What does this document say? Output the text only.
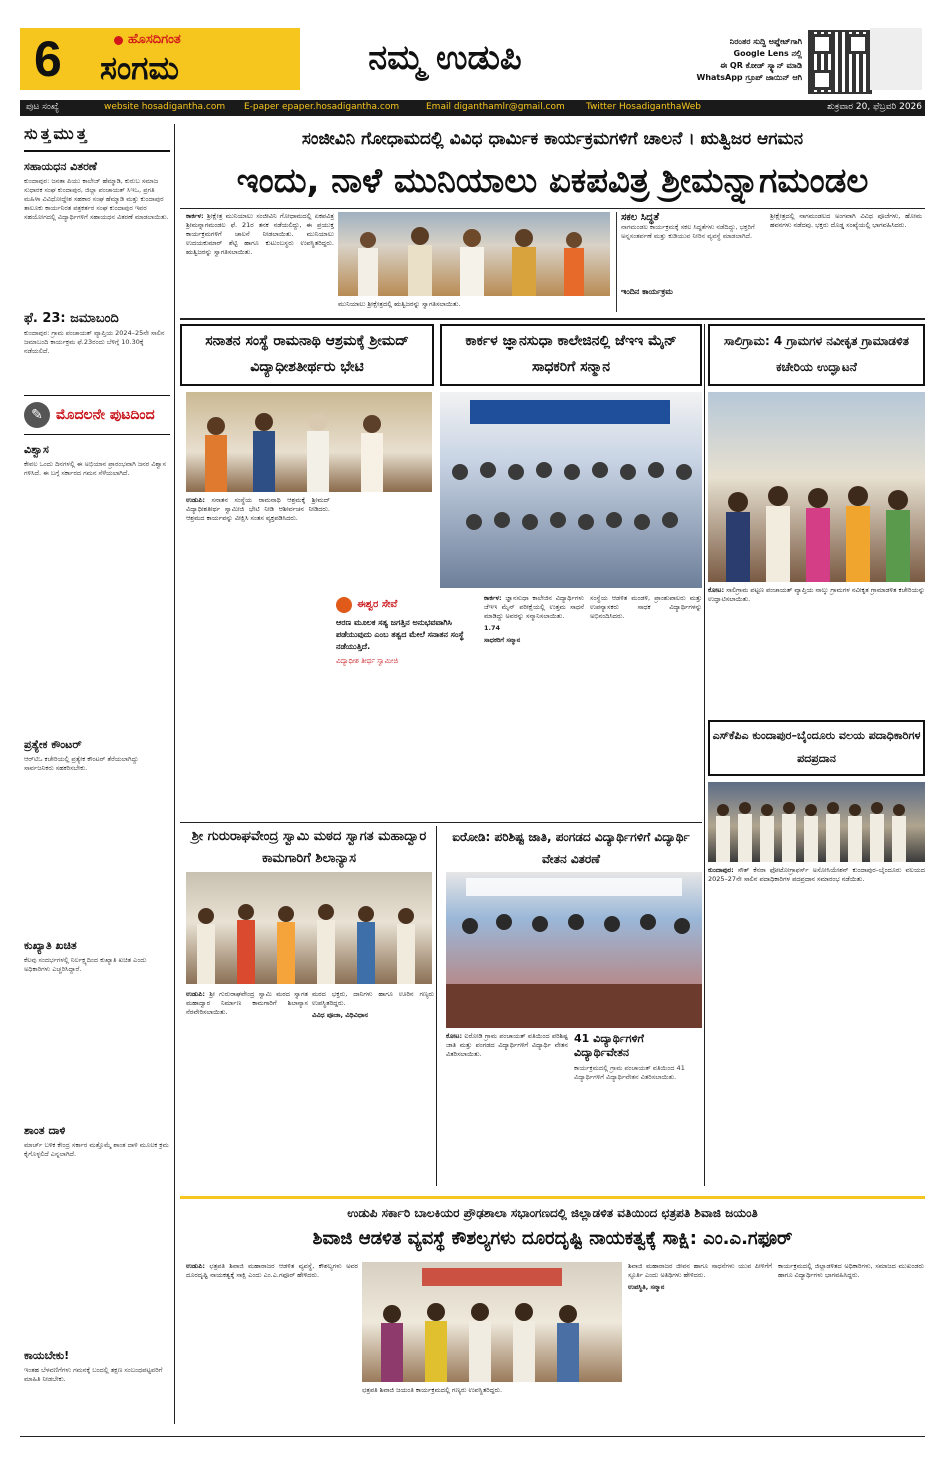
6	ಹೊಸದಿಗಂತ
ಸಂಗಮ	ನಮ್ಮ ಉಡುಪಿ	ನಿರಂತರ ಸುದ್ದಿ ಅಪ್ಡೇಟ್‌ಗಾಗಿ
Google Lens ನಲ್ಲಿ
ಈ QR ಕೋಡ್ ಸ್ಕ್ಯಾನ್ ಮಾಡಿ
WhatsApp ಗ್ರೂಪ್ ಜಾಯಿನ್ ಆಗಿ
ಪುಟ ಸಂಖ್ಯೆ	website hosadigantha.com E-paper epaper.hosadigantha.com	Email diganthamlr@gmail.com Twitter HosadiganthaWeb	ಶುಕ್ರವಾರ 20, ಫೆಬ್ರವರಿ 2026
ಸುತ್ತಮುತ್ತ
ಸಹಾಯಧನ ವಿತರಣೆ
ಕುಂದಾಪುರ: ಜನತಾ ಪಿಯು ಕಾಲೇಜ್ ಹೆಮ್ಮಾಡಿ, ಕುರುಬ ಸಮಾಜ ಸುಧಾರಕ ಸಂಘ ಕುಂದಾಪುರ, ಜಿಲ್ಲಾ ಪಂಚಾಯತ್ ಸಿಇಒ, ಪ್ರಗತಿ ಮಹಿಳಾ ವಿವಿಧೋದ್ದೇಶ ಸಹಕಾರ ಸಂಘ ಹೆಮ್ಮಾಡಿ ಮತ್ತು ಕುಂದಾಪುರ ತಾಲೂಕು ಕಾರ್ಯನಿರತ ಪತ್ರಕರ್ತರ ಸಂಘ ಕುಂದಾಪುರ ಇವರ ಸಹಯೋಗದಲ್ಲಿ ವಿದ್ಯಾರ್ಥಿಗಳಿಗೆ ಸಹಾಯಧನ ವಿತರಣೆ ಮಾಡಲಾಯಿತು.
ಫೆ. 23: ಜಮಾಬಂದಿ
ಕುಂದಾಪುರ: ಗ್ರಾಮ ಪಂಚಾಯತ್ ವ್ಯಾಪ್ತಿಯ 2024–25ನೇ ಸಾಲಿನ ಜಮಾಬಂದಿ ಕಾರ್ಯಕ್ರಮ ಫೆ.23ರಂದು ಬೆಳಿಗ್ಗೆ 10.30ಕ್ಕೆ ನಡೆಯಲಿದೆ.
✎ ಮೊದಲನೇ ಪುಟದಿಂದ
ವಿಶ್ವಾಸ
ಕೇವಲ ಒಂದು ದಿನಗಳಲ್ಲಿ ಈ ಅಭಿಯಾನ ಪ್ರಾರಂಭವಾಗಿ ಜನರ ವಿಶ್ವಾಸ ಗಳಿಸಿದೆ. ಈ ಬಗ್ಗೆ ಸರ್ಕಾರದ ಗಮನ ಸೆಳೆಯಲಾಗಿದೆ.
ಪ್ರತ್ಯೇಕ ಕೌಂಟರ್
ಆರ್‌ಟಿಒ ಕಚೇರಿಯಲ್ಲಿ ಪ್ರತ್ಯೇಕ ಕೌಂಟರ್ ತೆರೆಯಲಾಗಿದ್ದು ಸಾರ್ವಜನಿಕರು ಸಹಕರಿಸಬೇಕು.
ಕುಖ್ಯಾತಿ ಖಚಿತ
ಕೆಲವು ಸಂದರ್ಭಗಳಲ್ಲಿ ನಿರ್ಲಕ್ಷ್ಯದಿಂದ ಕುಖ್ಯಾತಿ ಖಚಿತ ಎಂದು ಅಧಿಕಾರಿಗಳು ಎಚ್ಚರಿಸಿದ್ದಾರೆ.
ಶಾಂತ ದಾಳಿ
ಮಾರ್ಚ್ ಬಳಿಕ ಕೇಂದ್ರ ಸರ್ಕಾರ ಮತ್ತೊಮ್ಮೆ ಶಾಂತ ದಾಳಿ ಮೂಲಕ ಕ್ರಮ ಕೈಗೊಳ್ಳಲಿದೆ ಎನ್ನಲಾಗಿದೆ.
ಕಾಯಬೇಕು!
ಇಂತಹ ಬೆಳವಣಿಗೆಗಳು ಗಮನಕ್ಕೆ ಬಂದಲ್ಲಿ ತಕ್ಷಣ ಸಂಬಂಧಪಟ್ಟವರಿಗೆ ಮಾಹಿತಿ ನೀಡಬೇಕು.
ಸಂಜೀವಿನಿ ಗೋಧಾಮದಲ್ಲಿ ವಿವಿಧ ಧಾರ್ಮಿಕ ಕಾರ್ಯಕ್ರಮಗಳಿಗೆ ಚಾಲನೆ । ಋತ್ವಿಜರ ಆಗಮನ
ಇಂದು, ನಾಳೆ ಮುನಿಯಾಲು ಏಕಪವಿತ್ರ ಶ್ರೀಮನ್ನಾಗಮಂಡಲ

ಕಾರ್ಕಳ: ಶ್ರೀಕ್ಷೇತ್ರ ಮುನಿಯಾಲು ಸಂಜೀವಿನಿ ಗೋಧಾಮದಲ್ಲಿ ಏಕಪವಿತ್ರ ಶ್ರೀಮನ್ನಾಗಮಂಡಲ ಫೆ. 21ರ ತನಕ ನಡೆಯಲಿದ್ದು, ಈ ಪ್ರಯುಕ್ತ ಕಾರ್ಯಕ್ರಮಗಳಿಗೆ ಚಾಲನೆ ನೀಡಲಾಯಿತು. ಮುನಿಯಾಲು ಉದಯಕುಮಾರ್ ಶೆಟ್ಟಿ ಹಾಗೂ ಕುಟುಂಬಸ್ಥರು ಉಪಸ್ಥಿತರಿದ್ದರು. ಋತ್ವಿಜರನ್ನು ಸ್ವಾಗತಿಸಲಾಯಿತು.

ಮುನಿಯಾಲು ಶ್ರೀಕ್ಷೇತ್ರದಲ್ಲಿ ಋತ್ವಿಜರನ್ನು ಸ್ವಾಗತಿಸಲಾಯಿತು.

ಸಕಲ ಸಿದ್ಧತೆ
ನಾಗಮಂಡಲ ಕಾರ್ಯಕ್ರಮಕ್ಕೆ ಸಕಲ ಸಿದ್ಧತೆಗಳು ನಡೆದಿದ್ದು, ಭಕ್ತರಿಗೆ ಅನ್ನಸಂತರ್ಪಣೆ ಮತ್ತು ಕುಡಿಯುವ ನೀರಿನ ವ್ಯವಸ್ಥೆ ಮಾಡಲಾಗಿದೆ.
ಇಂದಿನ ಕಾರ್ಯಕ್ರಮ

ಶ್ರೀಕ್ಷೇತ್ರದಲ್ಲಿ ನಾಗಮಂಡಲದ ಅಂಗವಾಗಿ ವಿವಿಧ ಪೂಜೆಗಳು, ಹೋಮ ಹವನಗಳು ನಡೆದವು. ಭಕ್ತರು ದೊಡ್ಡ ಸಂಖ್ಯೆಯಲ್ಲಿ ಭಾಗವಹಿಸಿದರು.

ಸನಾತನ ಸಂಸ್ಥೆ ರಾಮನಾಥಿ ಆಶ್ರಮಕ್ಕೆ ಶ್ರೀಮದ್ ವಿದ್ಯಾಧೀಶತೀರ್ಥರು ಭೇಟಿ

ಉಡುಪಿ: ಸನಾತನ ಸಂಸ್ಥೆಯ ರಾಮನಾಥಿ ಆಶ್ರಮಕ್ಕೆ ಶ್ರೀಮದ್ ವಿದ್ಯಾಧೀಶತೀರ್ಥ ಸ್ವಾಮೀಜಿ ಭೇಟಿ ನೀಡಿ ಆಶೀರ್ವಚನ ನೀಡಿದರು. ಆಶ್ರಮದ ಕಾರ್ಯವನ್ನು ವೀಕ್ಷಿಸಿ ಸಂತಸ ವ್ಯಕ್ತಪಡಿಸಿದರು.

ಕಾರ್ಕಳ ಜ್ಞಾನಸುಧಾ ಕಾಲೇಜಿನಲ್ಲಿ ಜೆಇಇ ಮೈನ್ ಸಾಧಕರಿಗೆ ಸನ್ಮಾನ
ಈಶ್ವರ ಸೇವೆ
ಆರಣ ಮೂಲಕ ಸತ್ಯ ಜಗತ್ತಿನ ಅನುಭವವಾಗಿಸಿ ಪಡೆಯುವುದು ಎಂಬ ತತ್ವದ ಮೇಲೆ ಸನಾತನ ಸಂಸ್ಥೆ ನಡೆಯುತ್ತಿದೆ.
ವಿದ್ಯಾಧೀಶ ತೀರ್ಥ ಸ್ವಾಮೀಜಿ

ಕಾರ್ಕಳ: ಜ್ಞಾನಸುಧಾ ಕಾಲೇಜಿನ ವಿದ್ಯಾರ್ಥಿಗಳು ಜೆಇಇ ಮೈನ್ ಪರೀಕ್ಷೆಯಲ್ಲಿ ಉತ್ತಮ ಸಾಧನೆ ಮಾಡಿದ್ದು ಅವರನ್ನು ಸನ್ಮಾನಿಸಲಾಯಿತು.

1.74

ಸಾಧಕರಿಗೆ ಸನ್ಮಾನ

ಸಂಸ್ಥೆಯ ಆಡಳಿತ ಮಂಡಳಿ, ಪ್ರಾಂಶುಪಾಲರು ಮತ್ತು ಉಪನ್ಯಾಸಕರು ಸಾಧಕ ವಿದ್ಯಾರ್ಥಿಗಳನ್ನು ಅಭಿನಂದಿಸಿದರು.

ಸಾಲಿಗ್ರಾಮ: 4 ಗ್ರಾಮಗಳ ನವೀಕೃತ ಗ್ರಾಮಾಡಳಿತ ಕಚೇರಿಯ ಉದ್ಘಾಟನೆ

ಕೋಟ: ಸಾಲಿಗ್ರಾಮ ಪಟ್ಟಣ ಪಂಚಾಯತ್ ವ್ಯಾಪ್ತಿಯ ನಾಲ್ಕು ಗ್ರಾಮಗಳ ನವೀಕೃತ ಗ್ರಾಮಾಡಳಿತ ಕಚೇರಿಯನ್ನು ಉದ್ಘಾಟಿಸಲಾಯಿತು.

ಎಸ್‌ಕೆಪಿಎ ಕುಂದಾಪುರ–ಬೈಂದೂರು ವಲಯ ಪದಾಧಿಕಾರಿಗಳ ಪದಪ್ರದಾನ

ಕುಂದಾಪುರ: ಸೌತ್ ಕೆನರಾ ಫೋಟೋಗ್ರಾಫರ್ಸ್ ಅಸೋಸಿಯೇಶನ್ ಕುಂದಾಪುರ–ಬೈಂದೂರು ವಲಯದ 2025–27ನೇ ಸಾಲಿನ ಪದಾಧಿಕಾರಿಗಳ ಪದಪ್ರದಾನ ಸಮಾರಂಭ ನಡೆಯಿತು.

ಶ್ರೀ ಗುರುರಾಘವೇಂದ್ರ ಸ್ವಾಮಿ ಮಠದ ಸ್ವಾಗತ ಮಹಾದ್ವಾರ ಕಾಮಗಾರಿಗೆ ಶಿಲಾನ್ಯಾಸ

ಉಡುಪಿ: ಶ್ರೀ ಗುರುರಾಘವೇಂದ್ರ ಸ್ವಾಮಿ ಮಠದ ಸ್ವಾಗತ ಮಹಾದ್ವಾರ ನಿರ್ಮಾಣ ಕಾಮಗಾರಿಗೆ ಶಿಲಾನ್ಯಾಸ ನೆರವೇರಿಸಲಾಯಿತು.

ಮಠದ ಭಕ್ತರು, ದಾನಿಗಳು ಹಾಗೂ ಊರಿನ ಗಣ್ಯರು ಉಪಸ್ಥಿತರಿದ್ದರು.

ವಿವಿಧ ಪೂಜಾ, ವಿಧಿವಿಧಾನ

ಐರೋಡಿ: ಪರಿಶಿಷ್ಟ ಜಾತಿ, ಪಂಗಡದ ವಿದ್ಯಾರ್ಥಿಗಳಿಗೆ ವಿದ್ಯಾರ್ಥಿ ವೇತನ ವಿತರಣೆ

ಕೋಟ: ಐರೋಡಿ ಗ್ರಾಮ ಪಂಚಾಯತ್ ವತಿಯಿಂದ ಪರಿಶಿಷ್ಟ ಜಾತಿ ಮತ್ತು ಪಂಗಡದ ವಿದ್ಯಾರ್ಥಿಗಳಿಗೆ ವಿದ್ಯಾರ್ಥಿ ವೇತನ ವಿತರಿಸಲಾಯಿತು.

41 ವಿದ್ಯಾರ್ಥಿಗಳಿಗೆ ವಿದ್ಯಾರ್ಥಿವೇತನ
ಕಾರ್ಯಕ್ರಮದಲ್ಲಿ ಗ್ರಾಮ ಪಂಚಾಯತ್ ವತಿಯಿಂದ 41 ವಿದ್ಯಾರ್ಥಿಗಳಿಗೆ ವಿದ್ಯಾರ್ಥಿವೇತನ ವಿತರಿಸಲಾಯಿತು.
ಉಡುಪಿ ಸರ್ಕಾರಿ ಬಾಲಕಿಯರ ಪ್ರೌಢಶಾಲಾ ಸಭಾಂಗಣದಲ್ಲಿ ಜಿಲ್ಲಾಡಳಿತ ವತಿಯಿಂದ ಛತ್ರಪತಿ ಶಿವಾಜಿ ಜಯಂತಿ
ಶಿವಾಜಿ ಆಡಳಿತ ವ್ಯವಸ್ಥೆ ಕೌಶಲ್ಯಗಳು ದೂರದೃಷ್ಟಿ ನಾಯಕತ್ವಕ್ಕೆ ಸಾಕ್ಷಿ: ಎಂ.ಎ.ಗಫೂರ್

ಉಡುಪಿ: ಛತ್ರಪತಿ ಶಿವಾಜಿ ಮಹಾರಾಜರ ಆಡಳಿತ ವ್ಯವಸ್ಥೆ, ಕೌಶಲ್ಯಗಳು ಅವರ ದೂರದೃಷ್ಟಿ ನಾಯಕತ್ವಕ್ಕೆ ಸಾಕ್ಷಿ ಎಂದು ಎಂ.ಎ.ಗಫೂರ್ ಹೇಳಿದರು.

ಛತ್ರಪತಿ ಶಿವಾಜಿ ಜಯಂತಿ ಕಾರ್ಯಕ್ರಮದಲ್ಲಿ ಗಣ್ಯರು ಉಪಸ್ಥಿತರಿದ್ದರು.

ಶಿವಾಜಿ ಮಹಾರಾಜರ ಜೀವನ ಹಾಗೂ ಸಾಧನೆಗಳು ಯುವ ಪೀಳಿಗೆಗೆ ಸ್ಫೂರ್ತಿ ಎಂದು ಅತಿಥಿಗಳು ಹೇಳಿದರು.

ಉಪಸ್ಥಿತಿ, ಸನ್ಮಾನ

ಕಾರ್ಯಕ್ರಮದಲ್ಲಿ ಜಿಲ್ಲಾಡಳಿತದ ಅಧಿಕಾರಿಗಳು, ಸಮಾಜದ ಮುಖಂಡರು ಹಾಗೂ ವಿದ್ಯಾರ್ಥಿಗಳು ಭಾಗವಹಿಸಿದ್ದರು.
